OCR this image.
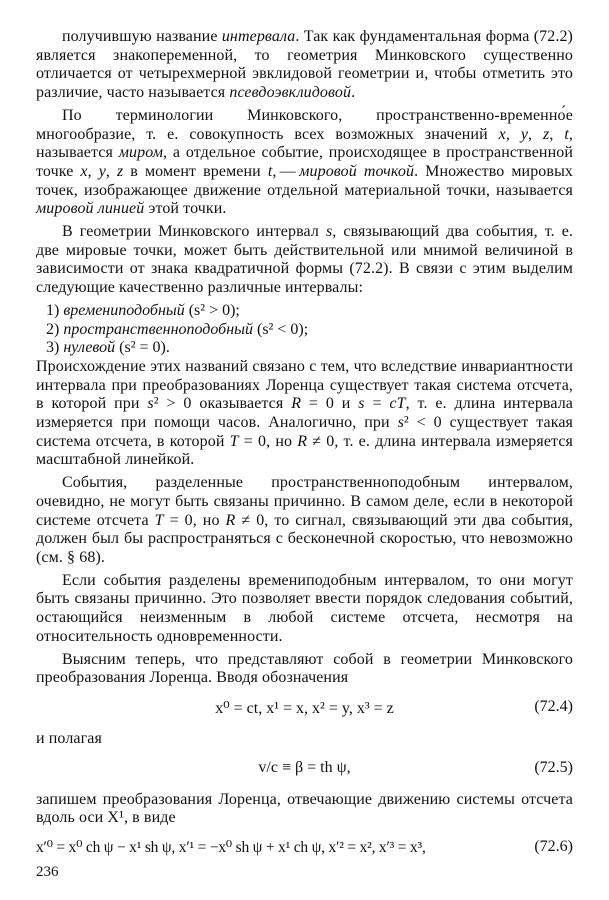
получившую название интервала. Так как фундаментальная форма (72.2) является знакопеременной, то геометрия Минковского существенно отличается от четырехмерной эвклидовой геометрии и, чтобы отметить это различие, часто называется псевдоэвклидовой.

По терминологии Минковского, пространственно-временно́е многообразие, т. е. совокупность всех возможных значений x, y, z, t, называется миром, а отдельное событие, происходящее в пространственной точке x, y, z в момент времени t, — мировой точкой. Множество мировых точек, изображающее движение отдельной материальной точки, называется мировой линией этой точки.

В геометрии Минковского интервал s, связывающий два события, т. е. две мировые точки, может быть действительной или мнимой величиной в зависимости от знака квадратичной формы (72.2). В связи с этим выделим следующие качественно различные интервалы:

1) времениподобный (s² > 0);
2) пространственноподобный (s² < 0);
3) нулевой (s² = 0).

Происхождение этих названий связано с тем, что вследствие инвариантности интервала при преобразованиях Лоренца существует такая система отсчета, в которой при s² > 0 оказывается R = 0 и s = cT, т. е. длина интервала измеряется при помощи часов. Аналогично, при s² < 0 существует такая система отсчета, в которой T = 0, но R ≠ 0, т. е. длина интервала измеряется масштабной линейкой.

События, разделенные пространственноподобным интервалом, очевидно, не могут быть связаны причинно. В самом деле, если в некоторой системе отсчета T = 0, но R ≠ 0, то сигнал, связывающий эти два события, должен был бы распространяться с бесконечной скоростью, что невозможно (см. § 68).

Если события разделены времениподобным интервалом, то они могут быть связаны причинно. Это позволяет ввести порядок следования событий, остающийся неизменным в любой системе отсчета, несмотря на относительность одновременности.

Выясним теперь, что представляют собой в геометрии Минковского преобразования Лоренца. Вводя обозначения

x⁰ = ct, x¹ = x, x² = y, x³ = z	(72.4)

и полагая

v/c ≡ β = th ψ,	(72.5)

запишем преобразования Лоренца, отвечающие движению системы отсчета вдоль оси X¹, в виде

x′⁰ = x⁰ ch ψ − x¹ sh ψ, x′¹ = −x⁰ sh ψ + x¹ ch ψ, x′² = x², x′³ = x³,	(72.6)
236
